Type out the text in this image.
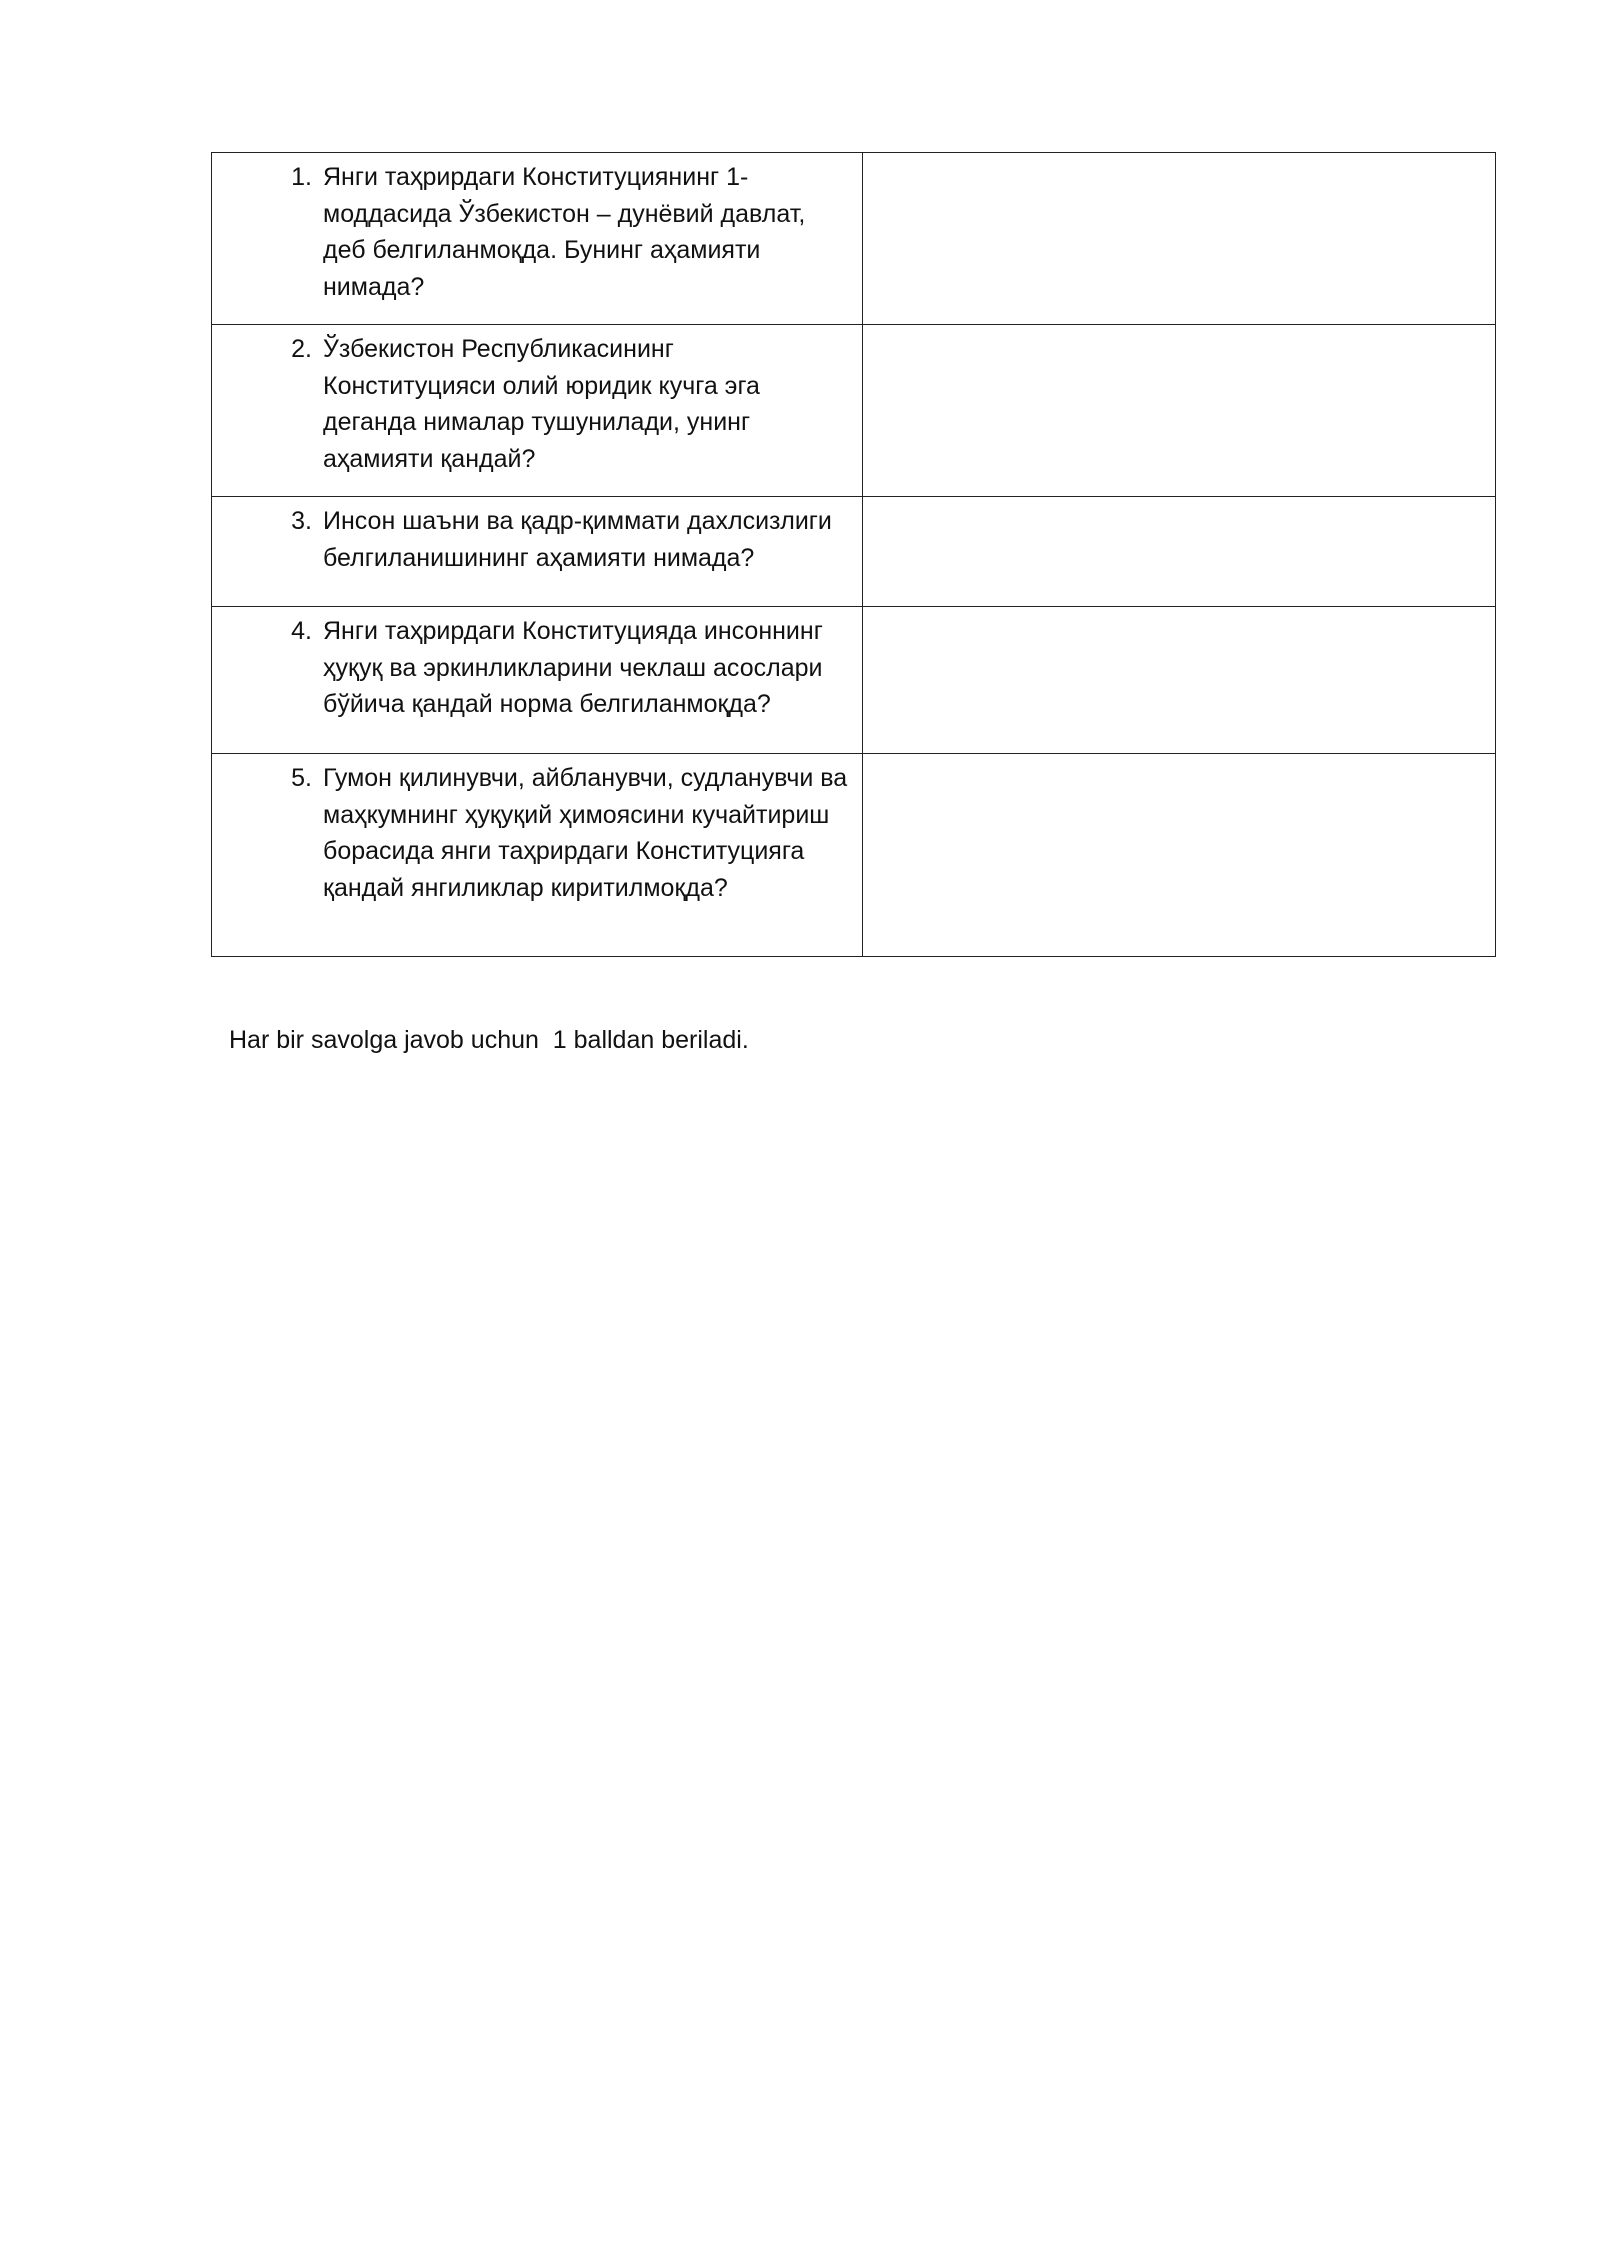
1. Янги таҳрирдаги Конституциянинг 1-моддасида Ўзбекистон – дунёвий давлат, деб белгиланмоқда. Бунинг аҳамияти нимада?	

2. Ўзбекистон Республикасининг Конституцияси олий юридик кучга эга деганда нималар тушунилади, унинг аҳамияти қандай?	

3. Инсон шаъни ва қадр-қиммати дахлсизлиги белгиланишининг аҳамияти нимада?	

4. Янги таҳрирдаги Конституцияда инсоннинг ҳуқуқ ва эркинликларини чеклаш асослари бўйича қандай норма белгиланмоқда?	

5. Гумон қилинувчи, айбланувчи, судланувчи ва маҳкумнинг ҳуқуқий ҳимоясини кучайтириш борасида янги таҳрирдаги Конституцияга қандай янгиликлар киритилмоқда?	

Har bir savolga javob uchun  1 balldan beriladi.
